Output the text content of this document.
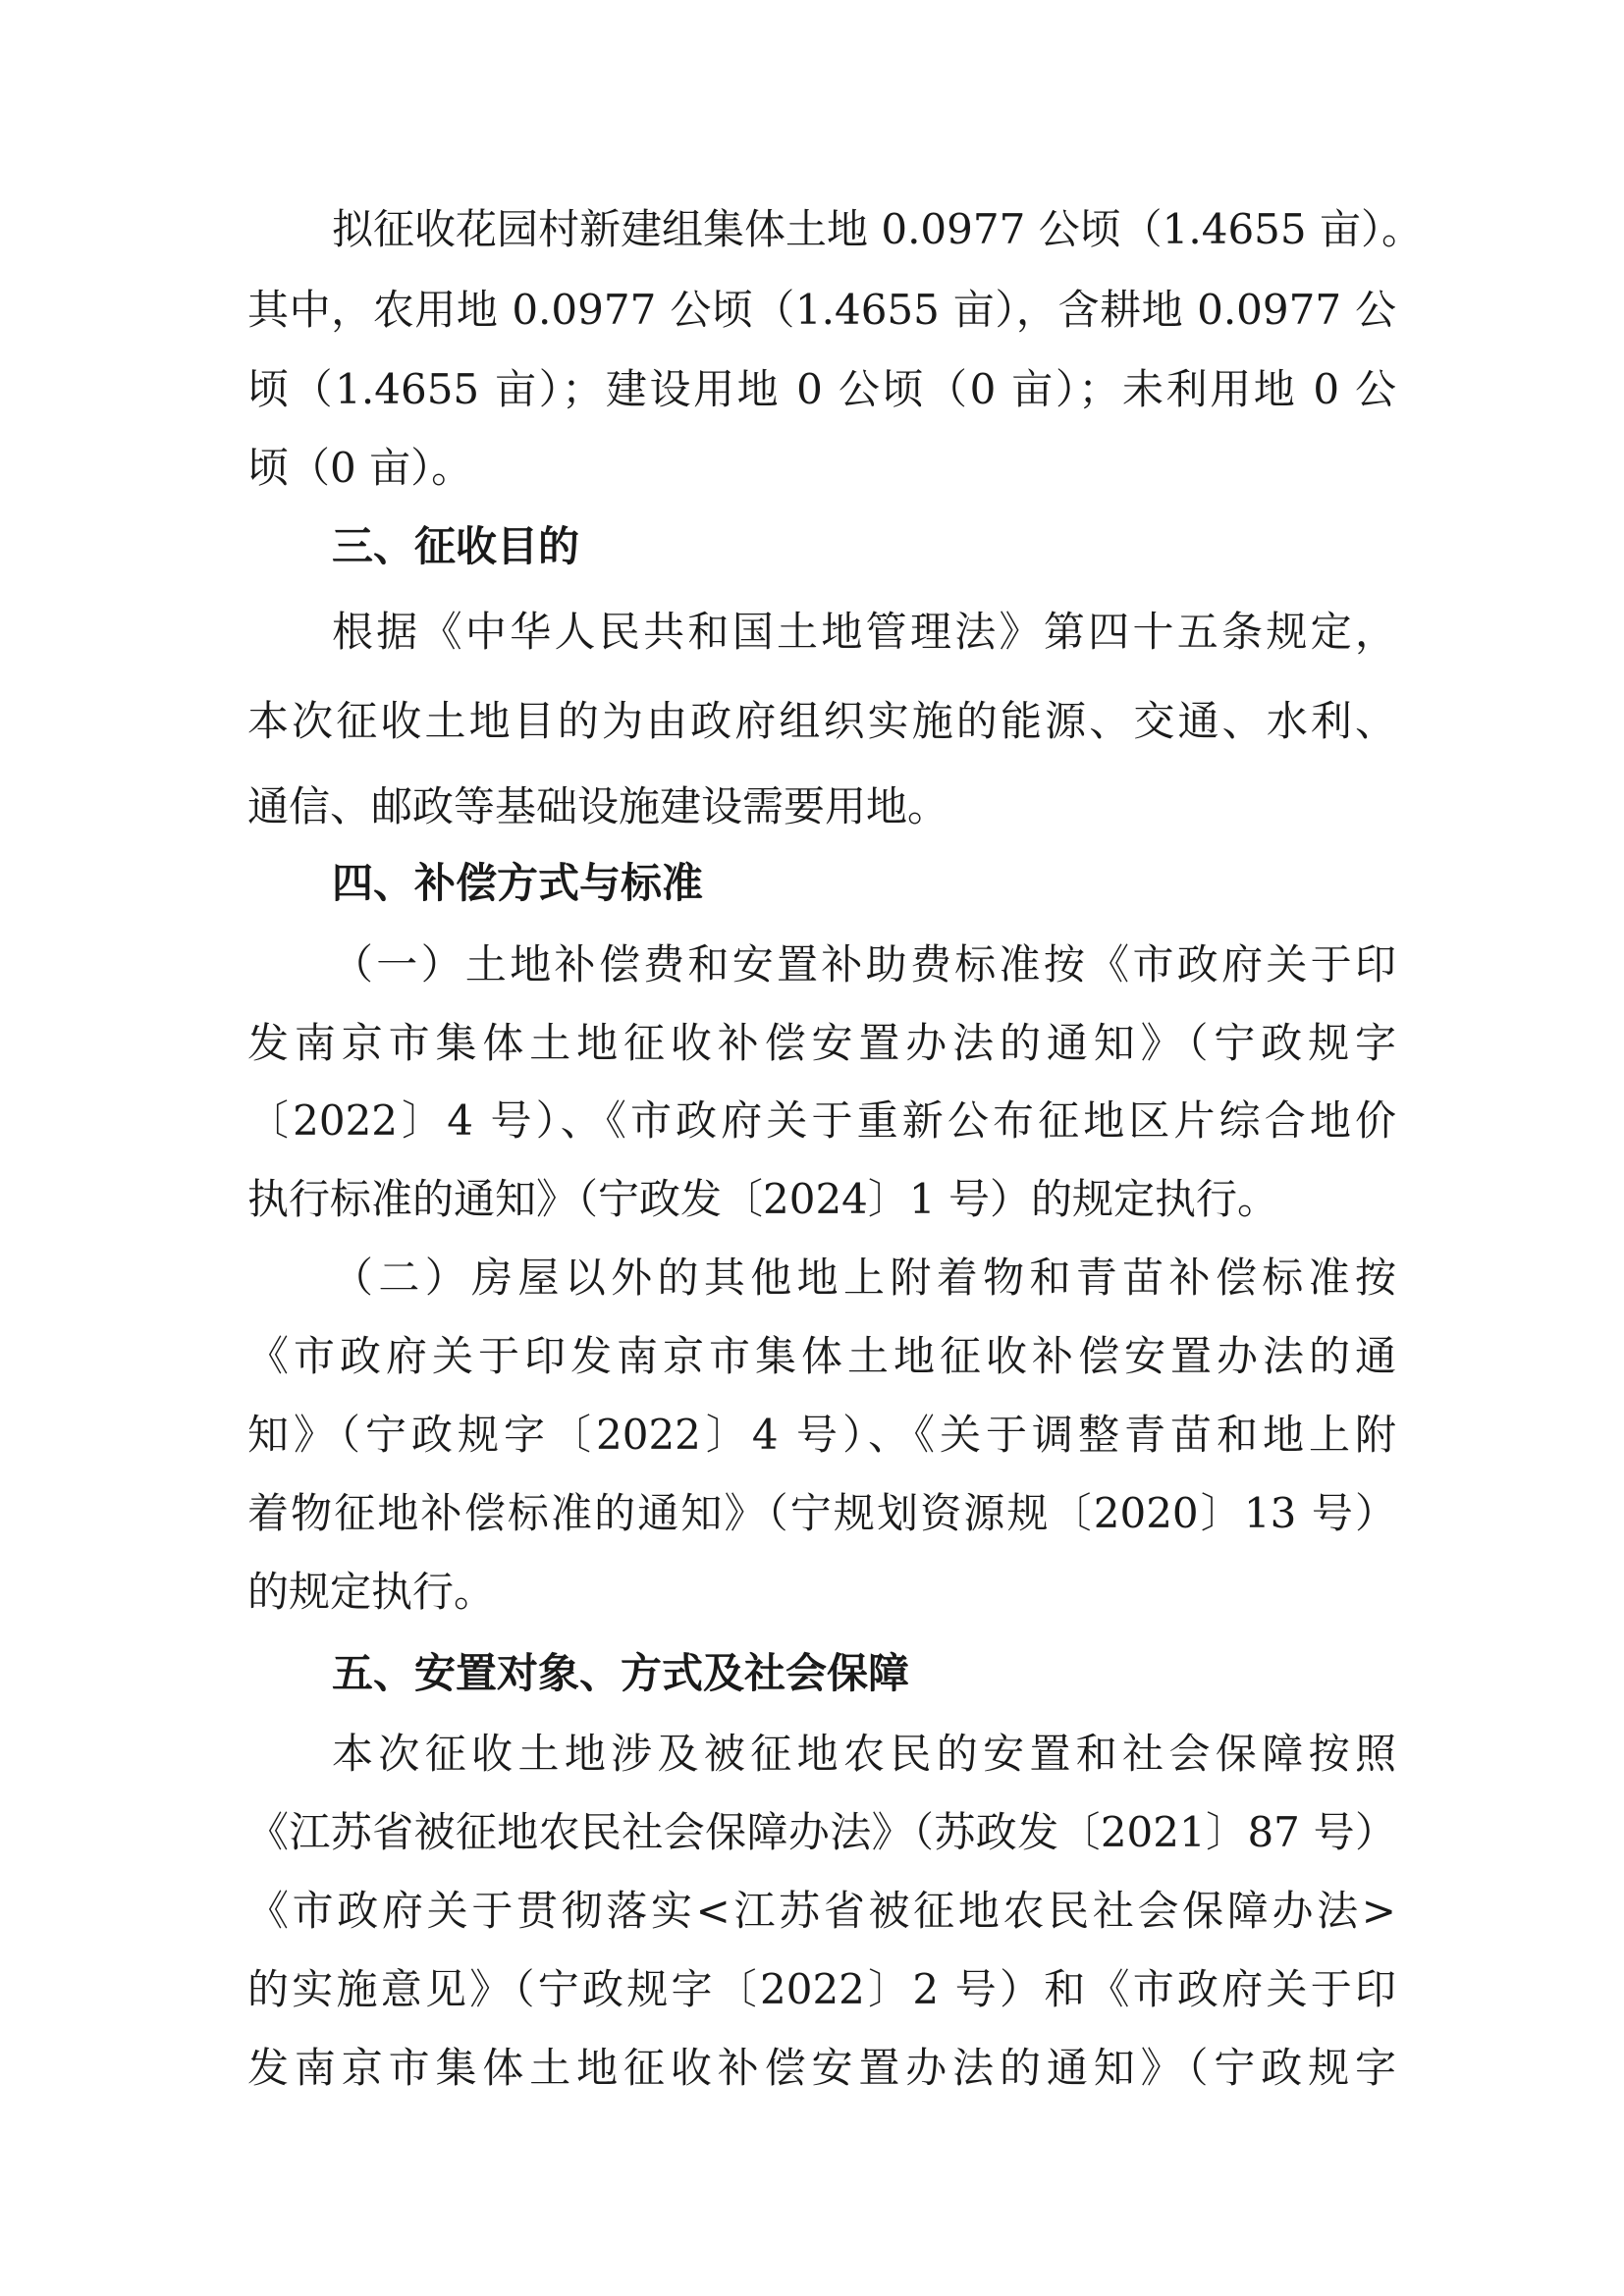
拟征收花园村新建组集体土地 0.0977 公顷（1.4655 亩）。
其中，农用地 0.0977 公顷（1.4655 亩），含耕地 0.0977 公
顷（1.4655 亩）；建设用地 0 公顷（0 亩）；未利用地 0 公
顷（0 亩）。
三、征收目的
根据《中华人民共和国土地管理法》第四十五条规定，
本次征收土地目的为由政府组织实施的能源、交通、水利、
通信、邮政等基础设施建设需要用地。
四、补偿方式与标准
（一）土地补偿费和安置补助费标准按《市政府关于印
发南京市集体土地征收补偿安置办法的通知》（宁政规字
〔2022〕4 号）、《市政府关于重新公布征地区片综合地价
执行标准的通知》（宁政发〔2024〕1 号）的规定执行。
（二）房屋以外的其他地上附着物和青苗补偿标准按
《市政府关于印发南京市集体土地征收补偿安置办法的通
知》（宁政规字〔2022〕4 号）、《关于调整青苗和地上附
着物征地补偿标准的通知》（宁规划资源规〔2020〕13 号）
的规定执行。
五、安置对象、方式及社会保障
本次征收土地涉及被征地农民的安置和社会保障按照
《江苏省被征地农民社会保障办法》（苏政发〔2021〕87 号）
《市政府关于贯彻落实<江苏省被征地农民社会保障办法>
的实施意见》（宁政规字〔2022〕2 号）和《市政府关于印
发南京市集体土地征收补偿安置办法的通知》（宁政规字
